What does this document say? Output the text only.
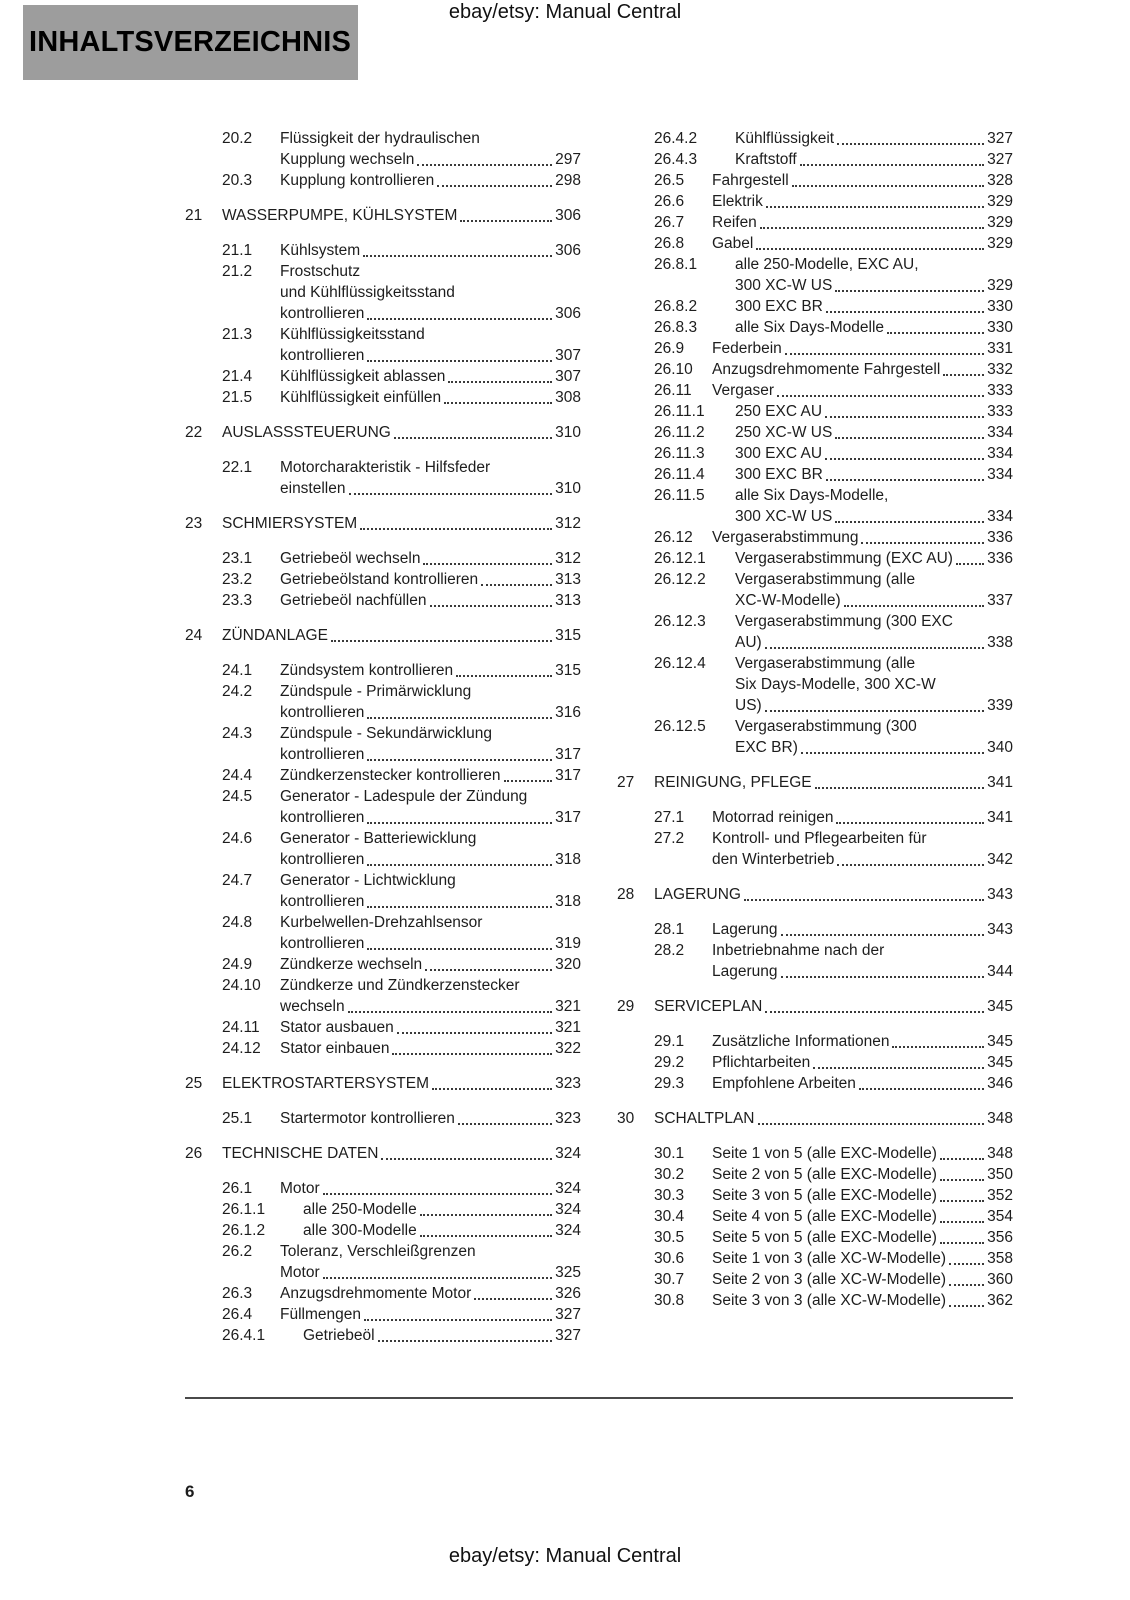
ebay/etsy: Manual Central
INHALTSVERZEICHNIS
20.2	Flüssigkeit der hydraulischen
Kupplung wechseln	297
20.3	Kupplung kontrollieren	298
21	WASSERPUMPE, KÜHLSYSTEM	306
21.1	Kühlsystem	306
21.2	Frostschutz
und Kühlflüssigkeitsstand
kontrollieren	306
21.3	Kühlflüssigkeitsstand
kontrollieren	307
21.4	Kühlflüssigkeit ablassen	307
21.5	Kühlflüssigkeit einfüllen	308
22	AUSLASSSTEUERUNG	310
22.1	Motorcharakteristik - Hilfsfeder
einstellen	310
23	SCHMIERSYSTEM	312
23.1	Getriebeöl wechseln	312
23.2	Getriebeölstand kontrollieren	313
23.3	Getriebeöl nachfüllen	313
24	ZÜNDANLAGE	315
24.1	Zündsystem kontrollieren	315
24.2	Zündspule - Primärwicklung
kontrollieren	316
24.3	Zündspule - Sekundärwicklung
kontrollieren	317
24.4	Zündkerzenstecker kontrollieren	317
24.5	Generator - Ladespule der Zündung
kontrollieren	317
24.6	Generator - Batteriewicklung
kontrollieren	318
24.7	Generator - Lichtwicklung
kontrollieren	318
24.8	Kurbelwellen-Drehzahlsensor
kontrollieren	319
24.9	Zündkerze wechseln	320
24.10	Zündkerze und Zündkerzenstecker
wechseln	321
24.11	Stator ausbauen	321
24.12	Stator einbauen	322
25	ELEKTROSTARTERSYSTEM	323
25.1	Startermotor kontrollieren	323
26	TECHNISCHE DATEN	324
26.1	Motor	324
26.1.1	alle 250-Modelle	324
26.1.2	alle 300-Modelle	324
26.2	Toleranz, Verschleißgrenzen
Motor	325
26.3	Anzugsdrehmomente Motor	326
26.4	Füllmengen	327
26.4.1	Getriebeöl	327
26.4.2	Kühlflüssigkeit	327
26.4.3	Kraftstoff	327
26.5	Fahrgestell	328
26.6	Elektrik	329
26.7	Reifen	329
26.8	Gabel	329
26.8.1	alle 250-Modelle, EXC AU,
300 XC-W US	329
26.8.2	300 EXC BR	330
26.8.3	alle Six Days-Modelle	330
26.9	Federbein	331
26.10	Anzugsdrehmomente Fahrgestell	332
26.11	Vergaser	333
26.11.1	250 EXC AU	333
26.11.2	250 XC-W US	334
26.11.3	300 EXC AU	334
26.11.4	300 EXC BR	334
26.11.5	alle Six Days-Modelle,
300 XC-W US	334
26.12	Vergaserabstimmung	336
26.12.1	Vergaserabstimmung (EXC AU) 336
26.12.2	Vergaserabstimmung (alle
XC-W-Modelle)	337
26.12.3	Vergaserabstimmung (300 EXC
AU)	338
26.12.4	Vergaserabstimmung (alle
Six Days-Modelle, 300 XC-W
US)	339
26.12.5	Vergaserabstimmung (300
EXC BR)	340
27	REINIGUNG, PFLEGE	341
27.1	Motorrad reinigen	341
27.2	Kontroll- und Pflegearbeiten für
den Winterbetrieb	342
28	LAGERUNG	343
28.1	Lagerung	343
28.2	Inbetriebnahme nach der
Lagerung	344
29	SERVICEPLAN	345
29.1	Zusätzliche Informationen	345
29.2	Pflichtarbeiten	345
29.3	Empfohlene Arbeiten	346
30	SCHALTPLAN	348
30.1	Seite 1 von 5 (alle EXC-Modelle)	348
30.2	Seite 2 von 5 (alle EXC-Modelle)	350
30.3	Seite 3 von 5 (alle EXC-Modelle)	352
30.4	Seite 4 von 5 (alle EXC-Modelle)	354
30.5	Seite 5 von 5 (alle EXC-Modelle)	356
30.6	Seite 1 von 3 (alle XC-W-Modelle)	358
30.7	Seite 2 von 3 (alle XC-W-Modelle)	360
30.8	Seite 3 von 3 (alle XC-W-Modelle)	362
6
ebay/etsy: Manual Central
